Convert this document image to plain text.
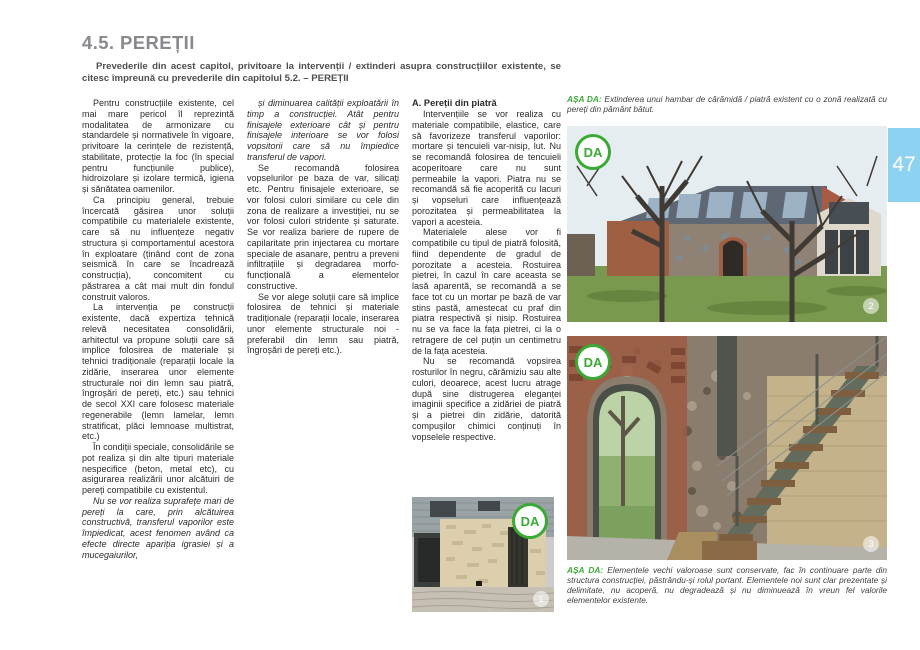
4.5. PEREȚII
Prevederile din acest capitol, privitoare la intervenții / extinderi asupra construcțiilor existente, se citesc împreună cu prevederile din capitolul 5.2. – PEREȚII

Pentru construcțiile existente, cel mai mare pericol îl reprezintă modalitatea de armonizare cu standardele și normativele în vigoare, privitoare la cerințele de rezistență, stabilitate, protecție la foc (în special pentru funcțiunile publice), hidroizolare și izolare termică, igiena și sănătatea oamenilor.

Ca principiu general, trebuie încercată găsirea unor soluții compatibile cu materialele existente, care să nu influențeze negativ structura și comportamentul acestora în exploatare (ținând cont de zona seismică în care se încadrează construcția), concomitent cu păstrarea a cât mai mult din fondul construit valoros.

La intervenția pe construcții existente, dacă expertiza tehnică relevă necesitatea consolidării, arhitectul va propune soluții care să implice folosirea de materiale și tehnici tradiționale (reparații locale la zidărie, inserarea unor elemente structurale noi din lemn sau piatră, îngroșări de pereți, etc.) sau tehnici de secol XXI care folosesc materiale regenerabile (lemn lamelar, lemn stratificat, plăci lemnoase multistrat, etc.)

În condiții speciale, consolidările se pot realiza și din alte tipuri materiale nespecifice (beton, metal etc), cu asigurarea realizării unor alcătuiri de pereți compatibile cu existentul.

Nu se vor realiza suprafețe mari de pereți la care, prin alcătuirea constructivă, transferul vaporilor este împiedicat, acest fenomen având ca efecte directe apariția igrasiei și a mucegaiurilor,

și diminuarea calității exploatării în timp a construcției. Atât pentru finisajele exterioare cât și pentru finisajele interioare se vor folosi vopsitorii care să nu împiedice transferul de vapori.

Se recomandă folosirea vopselurilor pe baza de var, silicați etc. Pentru finisajele exterioare, se vor folosi culori similare cu cele din zona de realizare a investiției, nu se vor folosi culori stridente și saturate. Se vor realiza bariere de rupere de capilaritate prin injectarea cu mortare speciale de asanare, pentru a preveni infiltrațiile și degradarea morfo-funcțională a elementelor constructive.

Se vor alege soluții care să implice folosirea de tehnici și materiale tradiționale (reparații locale, inserarea unor elemente structurale noi - preferabil din lemn sau piatră, îngroșări de pereți etc.).

A. Pereții din piatră

Intervențiile se vor realiza cu materiale compatibile, elastice, care să favorizeze transferul vaporilor: mortare și tencuieli var-nisip, lut. Nu se recomandă folosirea de tencuieli acoperitoare care nu sunt permeabile la vapori. Piatra nu se recomandă să fie acoperită cu lacuri și vopseluri care influențează porozitatea și permeabilitatea la vapori a acesteia.

Materialele alese vor fi compatibile cu tipul de piatră folosită, fiind dependente de gradul de porozitate a acesteia. Rostuirea pietrei, în cazul în care aceasta se lasă aparentă, se recomandă a se face tot cu un mortar pe bază de var stins pastă, amestecat cu praf din piatra respectivă și nisip. Rostuirea nu se va face la fața pietrei, ci la o retragere de cel puțin un centimetru de la fața acesteia.

Nu se recomandă vopsirea rosturilor în negru, cărămiziu sau alte culori, deoarece, acest lucru atrage după sine distrugerea eleganței imaginii specifice a zidăriei de piatră și a pietrei din zidărie, datorită compușilor chimici conținuți în vopselele respective.

DA
1
AȘA DA: Extinderea unui hambar de cărămidă / piatră existent cu o zonă realizată cu pereți din pământ bătut.
DA
2
DA
3
AȘA DA: Elementele vechi valoroase sunt conservate, fac în continuare parte din structura construcției, păstrându-și rolul portant. Elementele noi sunt clar prezentate și delimitate, nu acoperă, nu degradează și nu diminuează în vreun fel valorile elementelor existente.
47
